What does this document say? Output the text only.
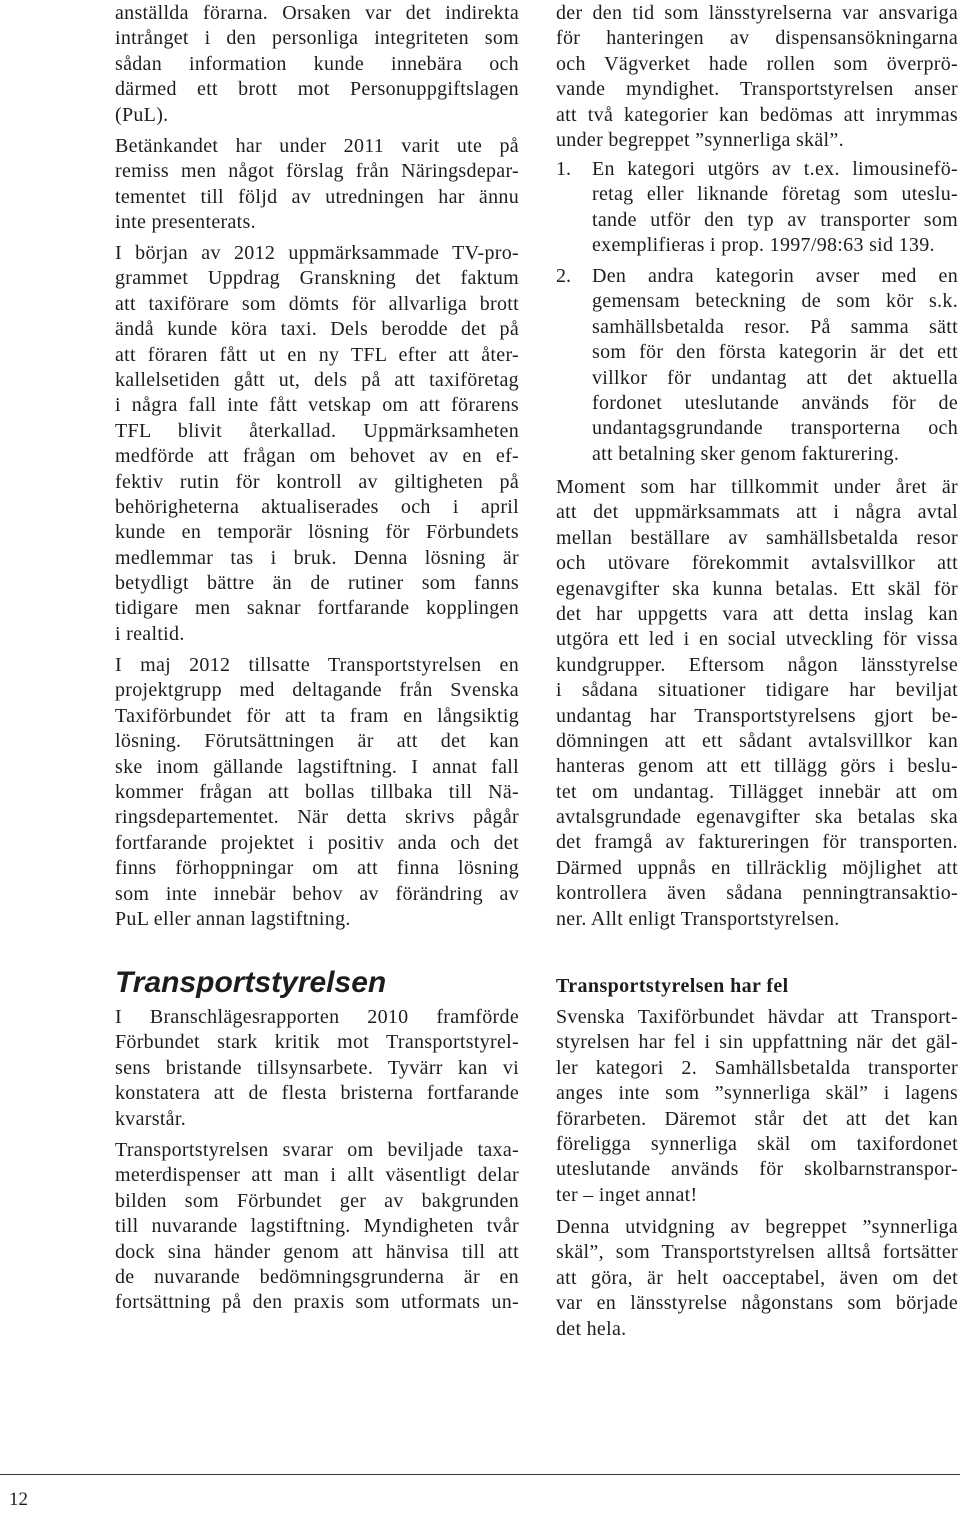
anställda förarna. Orsaken var det indirekta
intrånget i den personliga integriteten som
sådan information kunde innebära och
därmed ett brott mot Personuppgiftslagen
(PuL).
Betänkandet har under 2011 varit ute på
remiss men något förslag från Näringsdepar-
tementet till följd av utredningen har ännu
inte presenterats.
I början av 2012 uppmärksammade TV-pro-
grammet Uppdrag Granskning det faktum
att taxiförare som dömts för allvarliga brott
ändå kunde köra taxi. Dels berodde det på
att föraren fått ut en ny TFL efter att åter-
kallelsetiden gått ut, dels på att taxiföretag
i några fall inte fått vetskap om att förarens
TFL blivit återkallad. Uppmärksamheten
medförde att frågan om behovet av en ef-
fektiv rutin för kontroll av giltigheten på
behörigheterna aktualiserades och i april
kunde en temporär lösning för Förbundets
medlemmar tas i bruk. Denna lösning är
betydligt bättre än de rutiner som fanns
tidigare men saknar fortfarande kopplingen
i realtid.
I maj 2012 tillsatte Transportstyrelsen en
projektgrupp med deltagande från Svenska
Taxiförbundet för att ta fram en långsiktig
lösning. Förutsättningen är att det kan
ske inom gällande lagstiftning. I annat fall
kommer frågan att bollas tillbaka till Nä-
ringsdepartementet. När detta skrivs pågår
fortfarande projektet i positiv anda och det
finns förhoppningar om att finna lösning
som inte innebär behov av förändring av
PuL eller annan lagstiftning.
Transportstyrelsen
I Branschlägesrapporten 2010 framförde
Förbundet stark kritik mot Transportstyrel-
sens bristande tillsynsarbete. Tyvärr kan vi
konstatera att de flesta bristerna fortfarande
kvarstår.
Transportstyrelsen svarar om beviljade taxa-
meterdispenser att man i allt väsentligt delar
bilden som Förbundet ger av bakgrunden
till nuvarande lagstiftning. Myndigheten tvår
dock sina händer genom att hänvisa till att
de nuvarande bedömningsgrunderna är en
fortsättning på den praxis som utformats un-
der den tid som länsstyrelserna var ansvariga
för hanteringen av dispensansökningarna
och Vägverket hade rollen som överprö-
vande myndighet. Transportstyrelsen anser
att två kategorier kan bedömas att inrymmas
under begreppet ”synnerliga skäl”.
1. En kategori utgörs av t.ex. limousinefö-
retag eller liknande företag som uteslu-
tande utför den typ av transporter som
exemplifieras i prop. 1997/98:63 sid 139.
2. Den andra kategorin avser med en
gemensam beteckning de som kör s.k.
samhällsbetalda resor. På samma sätt
som för den första kategorin är det ett
villkor för undantag att det aktuella
fordonet uteslutande används för de
undantagsgrundande transporterna och
att betalning sker genom fakturering.
Moment som har tillkommit under året är
att det uppmärksammats att i några avtal
mellan beställare av samhällsbetalda resor
och utövare förekommit avtalsvillkor att
egenavgifter ska kunna betalas. Ett skäl för
det har uppgetts vara att detta inslag kan
utgöra ett led i en social utveckling för vissa
kundgrupper. Eftersom någon länsstyrelse
i sådana situationer tidigare har beviljat
undantag har Transportstyrelsens gjort be-
dömningen att ett sådant avtalsvillkor kan
hanteras genom att ett tillägg görs i beslu-
tet om undantag. Tillägget innebär att om
avtalsgrundade egenavgifter ska betalas ska
det framgå av faktureringen för transporten.
Därmed uppnås en tillräcklig möjlighet att
kontrollera även sådana penningtransaktio-
ner. Allt enligt Transportstyrelsen.
Transportstyrelsen har fel
Svenska Taxiförbundet hävdar att Transport-
styrelsen har fel i sin uppfattning när det gäl-
ler kategori 2. Samhällsbetalda transporter
anges inte som ”synnerliga skäl” i lagens
förarbeten. Däremot står det att det kan
föreligga synnerliga skäl om taxifordonet
uteslutande används för skolbarnstranspor-
ter – inget annat!
Denna utvidgning av begreppet ”synnerliga
skäl”, som Transportstyrelsen alltså fortsätter
att göra, är helt oacceptabel, även om det
var en länsstyrelse någonstans som började
det hela.
12
